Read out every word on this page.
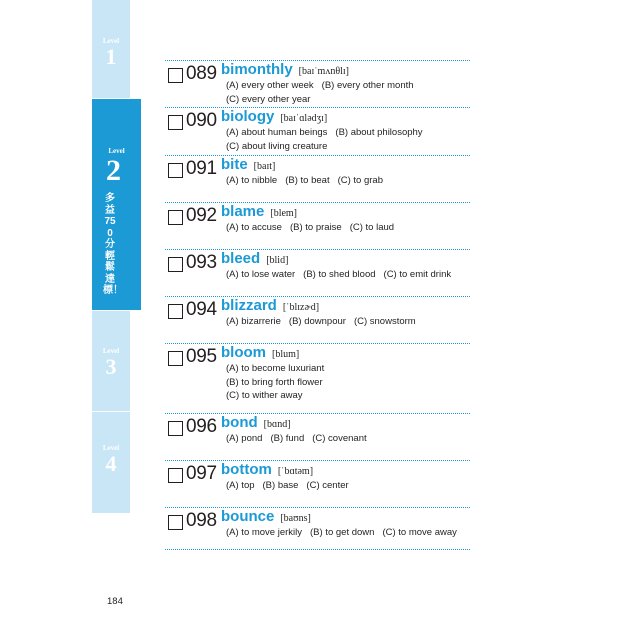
Level
1
Level
2
多益750分輕鬆達標！
Level
3
Level
4
089 bimonthly [baɪˈmʌnθlɪ]
(A) every other week (B) every other month
(C) every other year
090 biology [baɪˈɑlədʒɪ]
(A) about human beings (B) about philosophy
(C) about living creature
091 bite [baɪt]
(A) to nibble (B) to beat (C) to grab
092 blame [blem]
(A) to accuse (B) to praise (C) to laud
093 bleed [blid]
(A) to lose water (B) to shed blood (C) to emit drink
094 blizzard [ˈblɪzɚd]
(A) bizarrerie (B) downpour (C) snowstorm
095 bloom [blum]
(A) to become luxuriant
(B) to bring forth flower
(C) to wither away
096 bond [bɑnd]
(A) pond (B) fund (C) covenant
097 bottom [ˈbɑtəm]
(A) top (B) base (C) center
098 bounce [baʊns]
(A) to move jerkily (B) to get down (C) to move away
184
